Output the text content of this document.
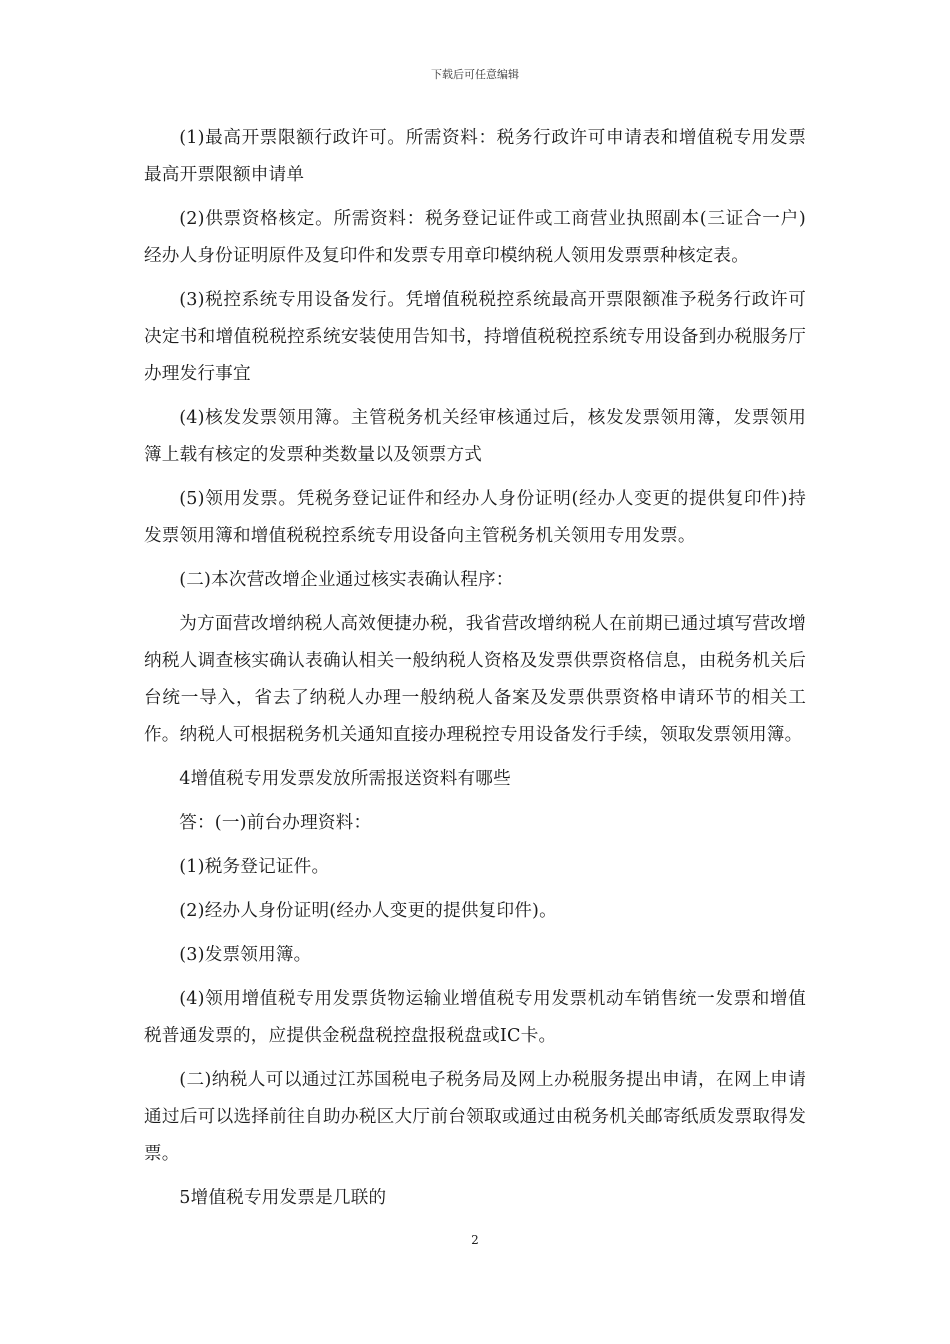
下载后可任意编辑

(1)最高开票限额行政许可。所需资料：税务行政许可申请表和增值税专用发票最高开票限额申请单

(2)供票资格核定。所需资料：税务登记证件或工商营业执照副本(三证合一户)经办人身份证明原件及复印件和发票专用章印模纳税人领用发票票种核定表。

(3)税控系统专用设备发行。凭增值税税控系统最高开票限额准予税务行政许可决定书和增值税税控系统安装使用告知书，持增值税税控系统专用设备到办税服务厅办理发行事宜

(4)核发发票领用簿。主管税务机关经审核通过后，核发发票领用簿，发票领用簿上载有核定的发票种类数量以及领票方式

(5)领用发票。凭税务登记证件和经办人身份证明(经办人变更的提供复印件)持发票领用簿和增值税税控系统专用设备向主管税务机关领用专用发票。

(二)本次营改增企业通过核实表确认程序：

为方面营改增纳税人高效便捷办税，我省营改增纳税人在前期已通过填写营改增纳税人调查核实确认表确认相关一般纳税人资格及发票供票资格信息，由税务机关后台统一导入，省去了纳税人办理一般纳税人备案及发票供票资格申请环节的相关工作。纳税人可根据税务机关通知直接办理税控专用设备发行手续，领取发票领用簿。

4增值税专用发票发放所需报送资料有哪些

答：(一)前台办理资料：

(1)税务登记证件。

(2)经办人身份证明(经办人变更的提供复印件)。

(3)发票领用簿。

(4)领用增值税专用发票货物运输业增值税专用发票机动车销售统一发票和增值税普通发票的，应提供金税盘税控盘报税盘或IC卡。

(二)纳税人可以通过江苏国税电子税务局及网上办税服务提出申请，在网上申请通过后可以选择前往自助办税区大厅前台领取或通过由税务机关邮寄纸质发票取得发票。

5增值税专用发票是几联的

2
